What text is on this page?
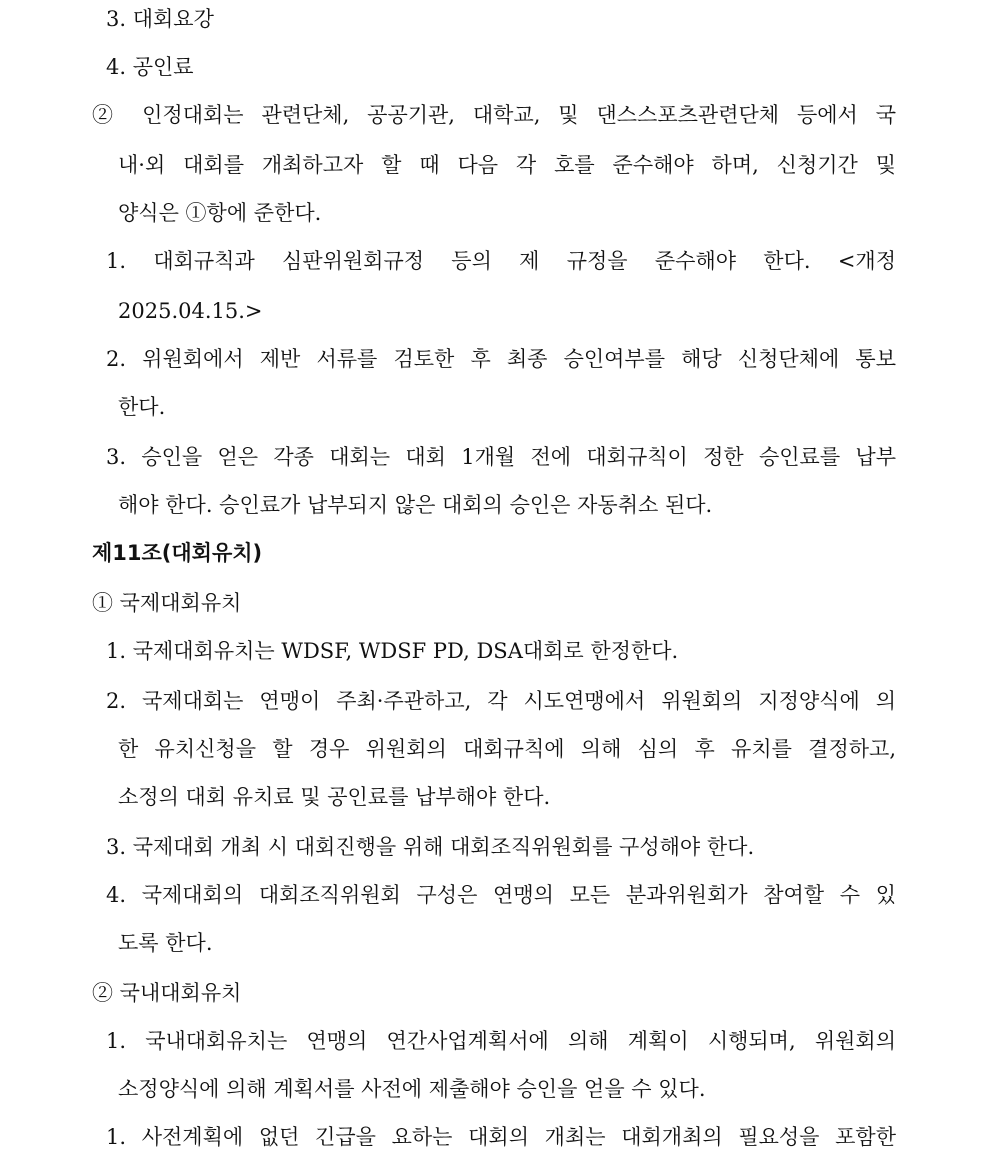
3. 대회요강
4. 공인료
② 인정대회는 관련단체, 공공기관, 대학교, 및 댄스스포츠관련단체 등에서 국
내·외 대회를 개최하고자 할 때 다음 각 호를 준수해야 하며, 신청기간 및
양식은 ①항에 준한다.
1. 대회규칙과 심판위원회규정 등의 제 규정을 준수해야 한다. <개정
2025.04.15.>
2. 위원회에서 제반 서류를 검토한 후 최종 승인여부를 해당 신청단체에 통보
한다.
3. 승인을 얻은 각종 대회는 대회 1개월 전에 대회규칙이 정한 승인료를 납부
해야 한다. 승인료가 납부되지 않은 대회의 승인은 자동취소 된다.
제11조(대회유치)
① 국제대회유치
1. 국제대회유치는 WDSF, WDSF PD, DSA대회로 한정한다.
2. 국제대회는 연맹이 주최·주관하고, 각 시도연맹에서 위원회의 지정양식에 의
한 유치신청을 할 경우 위원회의 대회규칙에 의해 심의 후 유치를 결정하고,
소정의 대회 유치료 및 공인료를 납부해야 한다.
3. 국제대회 개최 시 대회진행을 위해 대회조직위원회를 구성해야 한다.
4. 국제대회의 대회조직위원회 구성은 연맹의 모든 분과위원회가 참여할 수 있
도록 한다.
② 국내대회유치
1. 국내대회유치는 연맹의 연간사업계획서에 의해 계획이 시행되며, 위원회의
소정양식에 의해 계획서를 사전에 제출해야 승인을 얻을 수 있다.
1. 사전계획에 없던 긴급을 요하는 대회의 개최는 대회개최의 필요성을 포함한
